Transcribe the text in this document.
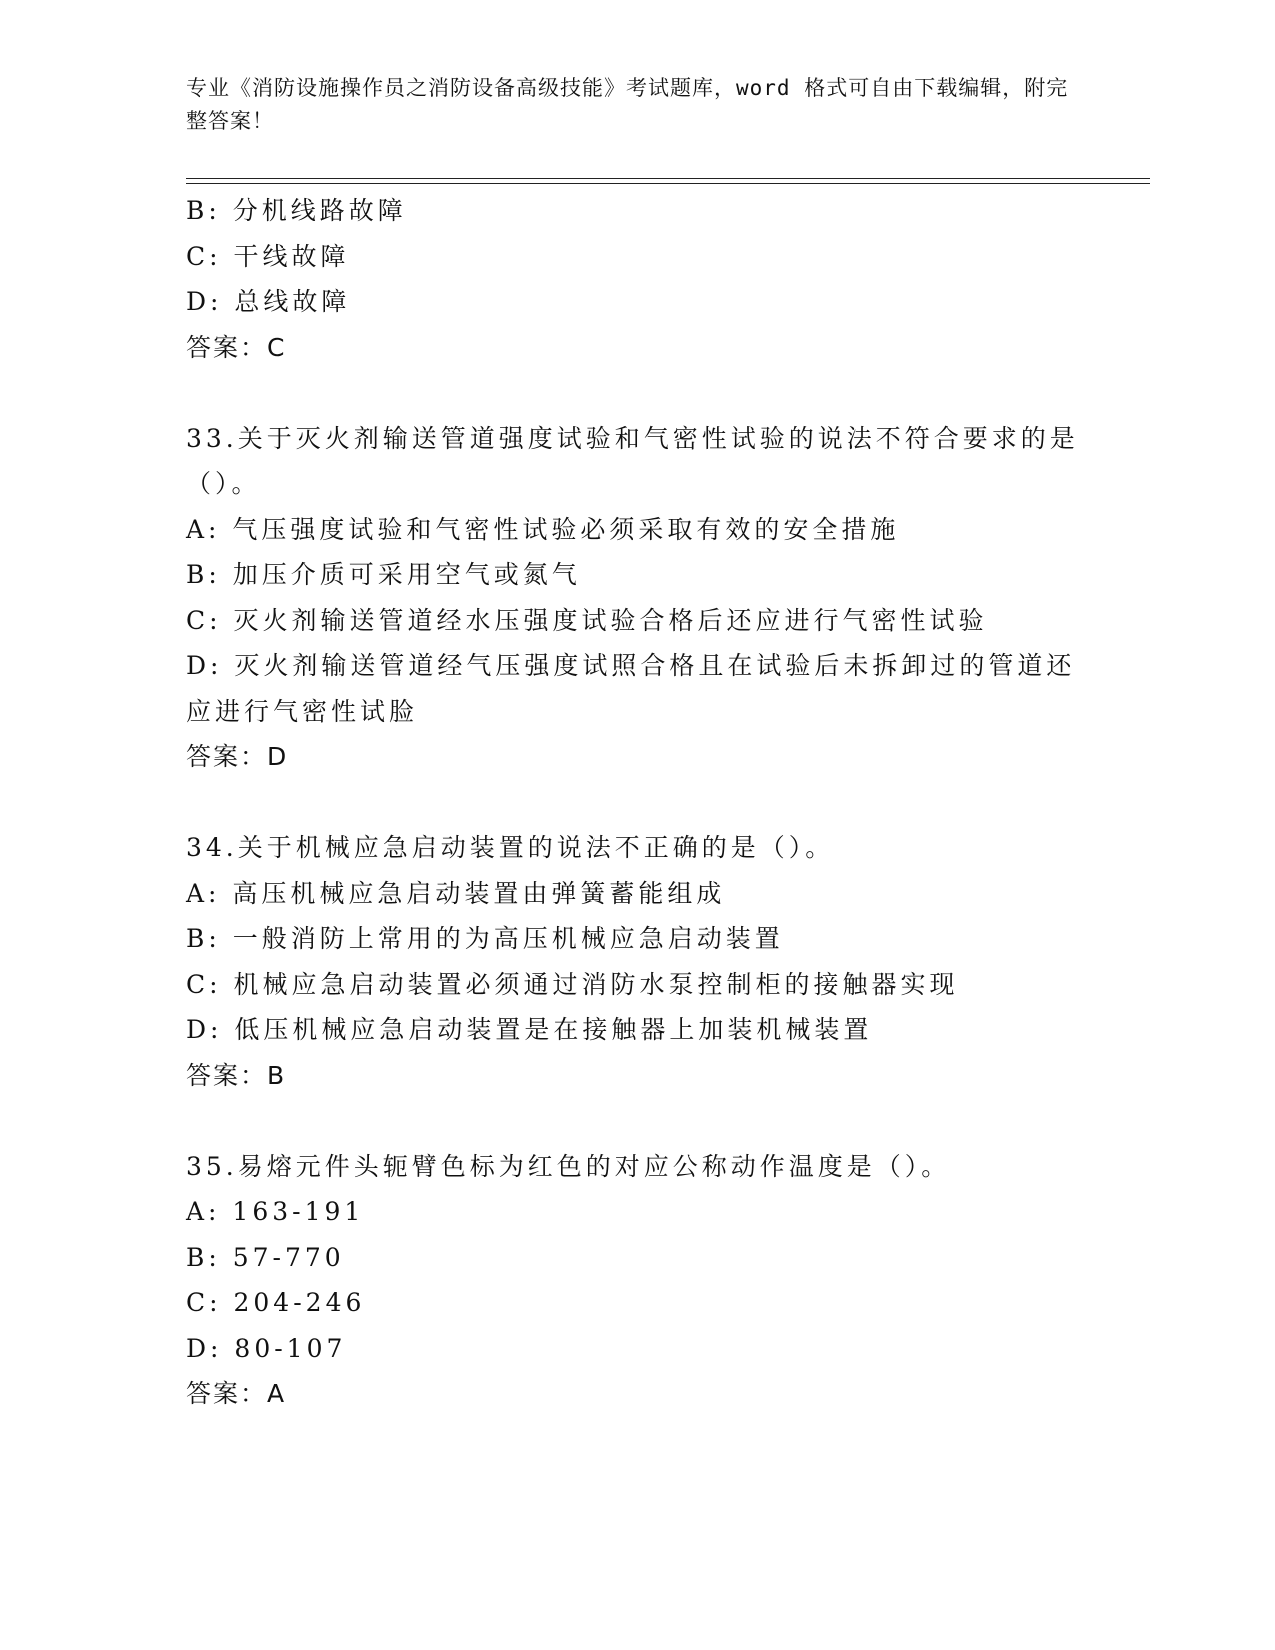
专业《消防设施操作员之消防设备高级技能》考试题库，word 格式可自由下载编辑，附完整答案！
B: 分机线路故障
C: 干线故障
D: 总线故障
答案：C
33.关于灭火剂输送管道强度试验和气密性试验的说法不符合要求的是
（）。
A: 气压强度试验和气密性试验必须采取有效的安全措施
B: 加压介质可采用空气或氮气
C: 灭火剂输送管道经水压强度试验合格后还应进行气密性试验
D: 灭火剂输送管道经气压强度试照合格且在试验后未拆卸过的管道还
应进行气密性试脸
答案：D
34.关于机械应急启动装置的说法不正确的是（）。
A: 高压机械应急启动装置由弹簧蓄能组成
B: 一般消防上常用的为高压机械应急启动装置
C: 机械应急启动装置必须通过消防水泵控制柜的接触器实现
D: 低压机械应急启动装置是在接触器上加装机械装置
答案：B
35.易熔元件头轭臂色标为红色的对应公称动作温度是（）。
A: 163-191
B: 57-770
C: 204-246
D: 80-107
答案：A
